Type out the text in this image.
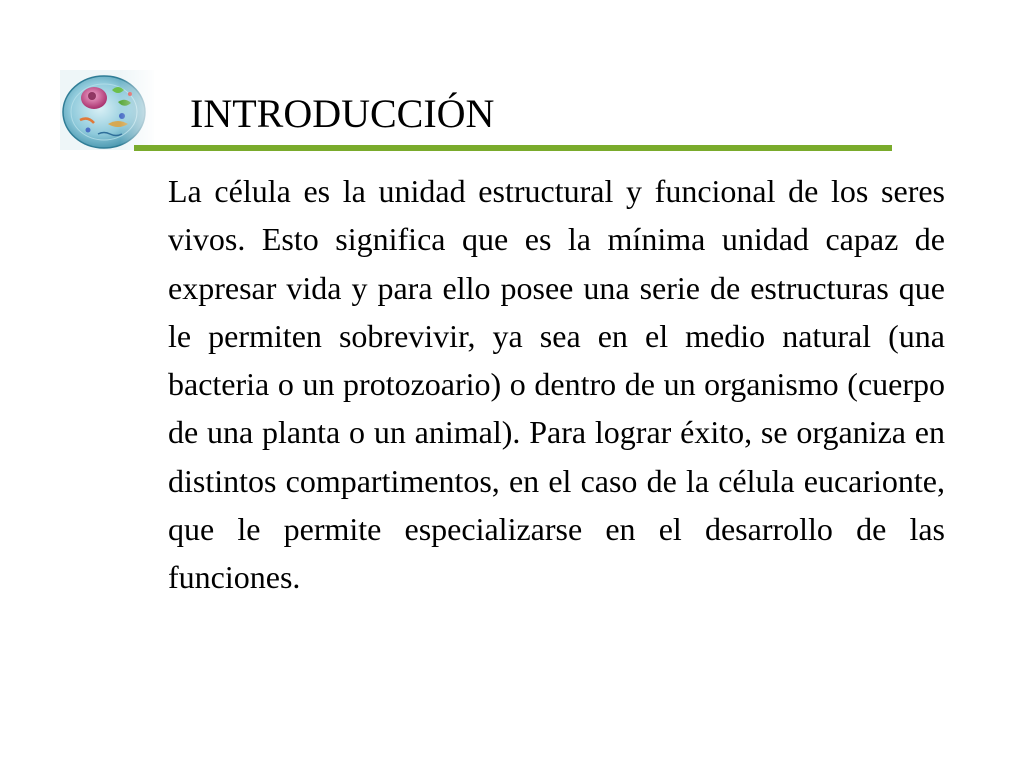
INTRODUCCIÓN
La célula es la unidad estructural y funcional de los seres vivos. Esto significa que es la mínima unidad capaz de expresar vida y para ello posee una serie de estructuras que le permiten sobrevivir, ya sea en el medio natural (una bacteria o un protozoario) o dentro de un organismo (cuerpo de una planta o un animal). Para lograr éxito, se organiza en distintos compartimentos, en el caso de la célula eucarionte, que le permite especializarse en el desarrollo de las funciones.
